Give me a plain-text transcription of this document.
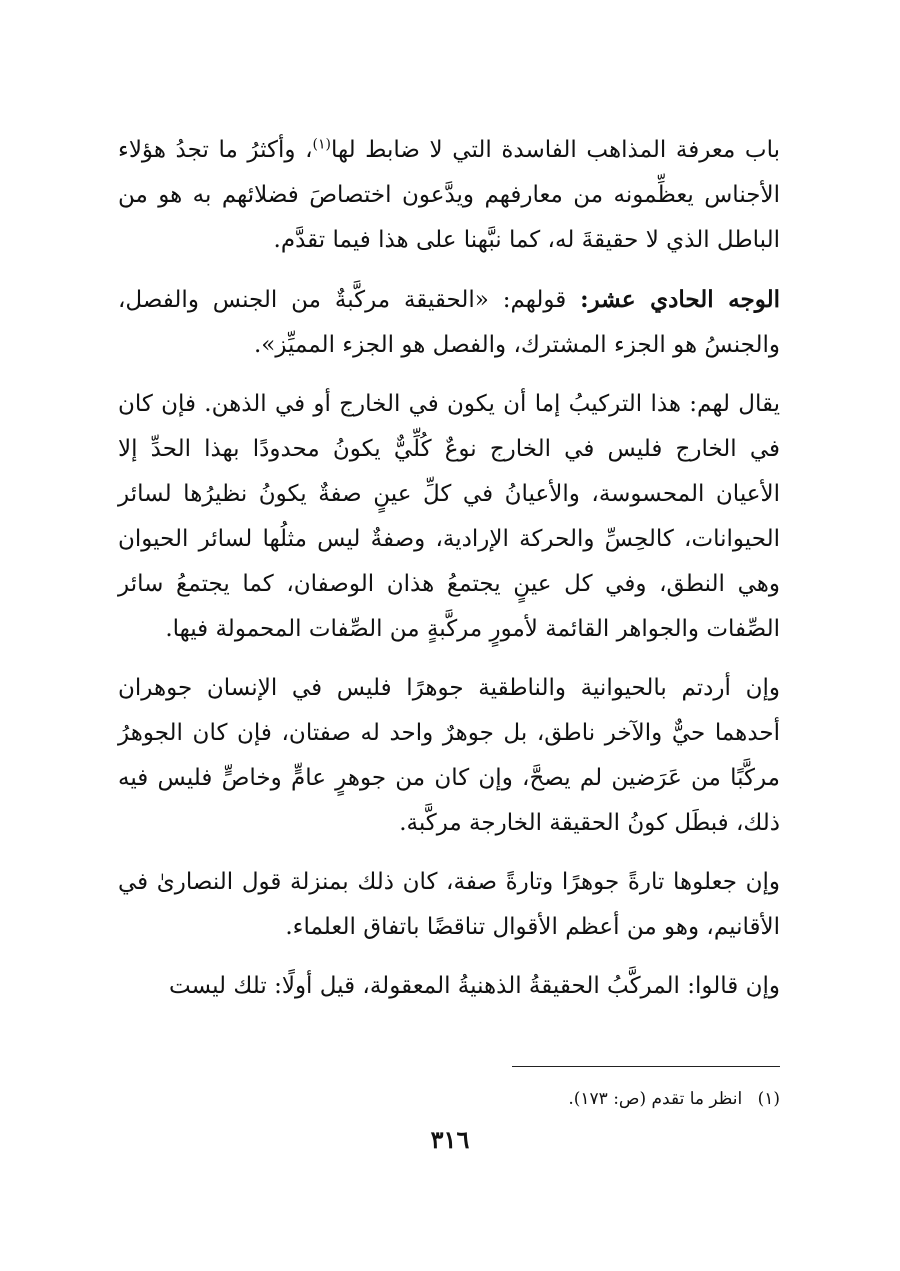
باب معرفة المذاهب الفاسدة التي لا ضابط لها$^{(١)}$، وأكثرُ ما تجدُ هؤلاء الأجناس يعظِّمونه من معارفهم ويدَّعون اختصاصَ فضلائهم به هو من الباطل الذي لا حقيقةَ له، كما نبَّهنا على هذا فيما تقدَّم.

الوجه الحادي عشر: قولهم: «الحقيقة مركَّبةٌ من الجنس والفصل، والجنسُ هو الجزء المشترك، والفصل هو الجزء المميِّز».

يقال لهم: هذا التركيبُ إما أن يكون في الخارج أو في الذهن. فإن كان في الخارج فليس في الخارج نوعٌ كُلِّيٌّ يكونُ محدودًا بهذا الحدِّ إلا الأعيان المحسوسة، والأعيانُ في كلِّ عينٍ صفةٌ يكونُ نظيرُها لسائر الحيوانات، كالحِسِّ والحركة الإرادية، وصفةٌ ليس مثلُها لسائر الحيوان وهي النطق، وفي كل عينٍ يجتمعُ هذان الوصفان، كما يجتمعُ سائر الصِّفات والجواهر القائمة لأمورٍ مركَّبةٍ من الصِّفات المحمولة فيها.

وإن أردتم بالحيوانية والناطقية جوهرًا فليس في الإنسان جوهران أحدهما حيٌّ والآخر ناطق، بل جوهرٌ واحد له صفتان، فإن كان الجوهرُ مركَّبًا من عَرَضين لم يصحَّ، وإن كان من جوهرٍ عامٍّ وخاصٍّ فليس فيه ذلك، فبطَل كونُ الحقيقة الخارجة مركَّبة.

وإن جعلوها تارةً جوهرًا وتارةً صفة، كان ذلك بمنزلة قول النصارىٰ في الأقانيم، وهو من أعظم الأقوال تناقضًا باتفاق العلماء.

وإن قالوا: المركَّبُ الحقيقةُ الذهنيةُ المعقولة، قيل أولًا: تلك ليست

(١) انظر ما تقدم (ص: ١٧٣).
٣١٦
